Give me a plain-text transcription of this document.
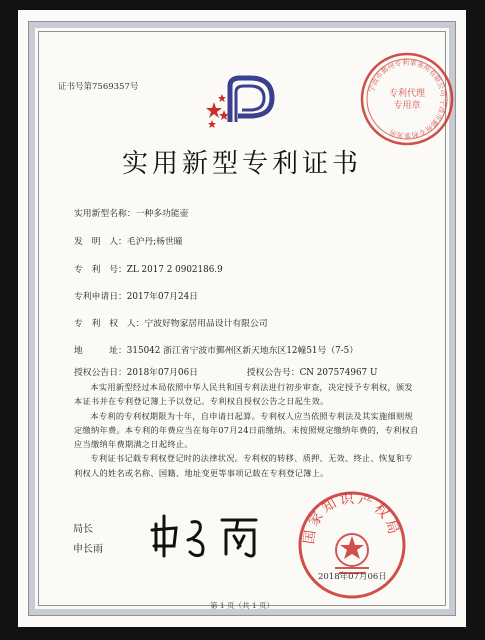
证书号第7569357号	宁波市鄞州专利事务所有限公司 宁波市鄞州专利事务所
专利代理
专用章
实用新型专利证书
实用新型名称：一种多功能壶
发　明　人：毛沪丹;杨世曈
专　利　号：ZL 2017 2 0902186.9
专利申请日：2017年07月24日
专　利　权　人：宁波好物家居用品设计有限公司
地　　　址：315042 浙江省宁波市鄞州区新天地东区12幢51号（7-5）
授权公告日：2018年07月06日	授权公告号：CN 207574967 U

本实用新型经过本局依照中华人民共和国专利法进行初步审查，决定授予专利权，颁发本证书并在专利登记簿上予以登记。专利权自授权公告之日起生效。

本专利的专利权期限为十年，自申请日起算。专利权人应当依照专利法及其实施细则规定缴纳年费。本专利的年费应当在每年07月24日前缴纳。未按照规定缴纳年费的，专利权自应当缴纳年费期满之日起终止。

专利证书记载专利权登记时的法律状况。专利权的转移、质押、无效、终止、恢复和专利权人的姓名或名称、国籍、地址变更等事项记载在专利登记簿上。

局长
申长雨
国家知识产权局
2018年07月06日
第 1 页（共 1 页）
